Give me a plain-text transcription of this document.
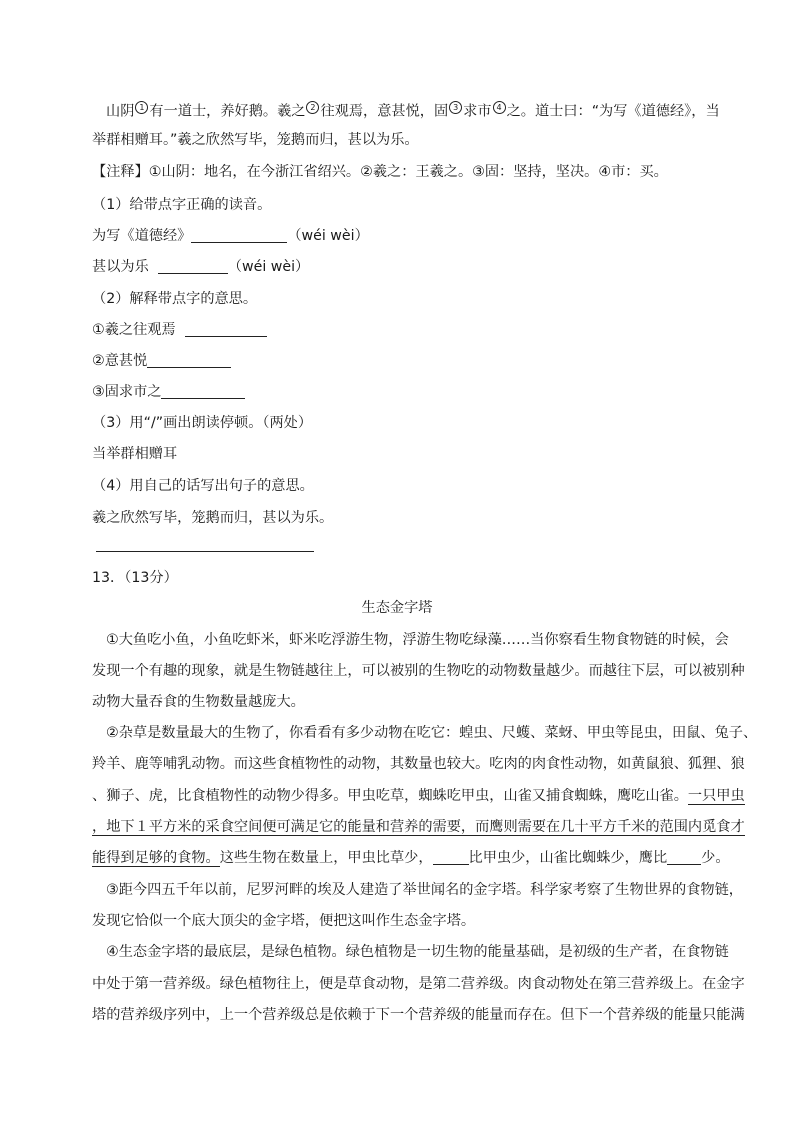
山阴 1 有一道士，养好鹅。羲之 2 往观焉，意甚悦，固 3 求市 4 之。道士曰：“为写《道德经》，当
举群相赠耳。”羲之欣然写毕，笼鹅而归，甚以为乐。
【注释】①山阴：地名，在今浙江省绍兴。②羲之：王羲之。③固：坚持，坚决。④市：买。
（1）给带点字正确的读音。
为写《道德经》	（wéi wèi）
甚以为乐	（wéi wèi）
（2）解释带点字的意思。
①羲之往观焉
②意甚悦
③固求市之
（3）用“/”画出朗读停顿。（两处）
当举群相赠耳
（4）用自己的话写出句子的意思。
羲之欣然写毕，笼鹅而归，甚以为乐。
13．（13分）
生态金字塔
①大鱼吃小鱼，小鱼吃虾米，虾米吃浮游生物，浮游生物吃绿藻……当你察看生物食物链的时候，会
发现一个有趣的现象，就是生物链越往上，可以被别的生物吃的动物数量越少。而越往下层，可以被别种
动物大量吞食的生物数量越庞大。
②杂草是数量最大的生物了，你看看有多少动物在吃它：蝗虫、尺蠖、菜蚜、甲虫等昆虫，田鼠、兔子、
羚羊、鹿等哺乳动物。而这些食植物性的动物，其数量也较大。吃肉的肉食性动物，如黄鼠狼、狐狸、狼
、狮子、虎，比食植物性的动物少得多。甲虫吃草，蜘蛛吃甲虫，山雀又捕食蜘蛛，鹰吃山雀。一只甲虫
，地下１平方米的采食空间便可满足它的能量和营养的需要，而鹰则需要在几十平方千米的范围内觅食才
能得到足够的食物。这些生物在数量上，甲虫比草少，	比甲虫少，山雀比蜘蛛少，鹰比 少。
③距今四五千年以前，尼罗河畔的埃及人建造了举世闻名的金字塔。科学家考察了生物世界的食物链，
发现它恰似一个底大顶尖的金字塔，便把这叫作生态金字塔。
④生态金字塔的最底层，是绿色植物。绿色植物是一切生物的能量基础，是初级的生产者，在食物链
中处于第一营养级。绿色植物往上，便是草食动物，是第二营养级。肉食动物处在第三营养级上。在金字
塔的营养级序列中，上一个营养级总是依赖于下一个营养级的能量而存在。但下一个营养级的能量只能满
